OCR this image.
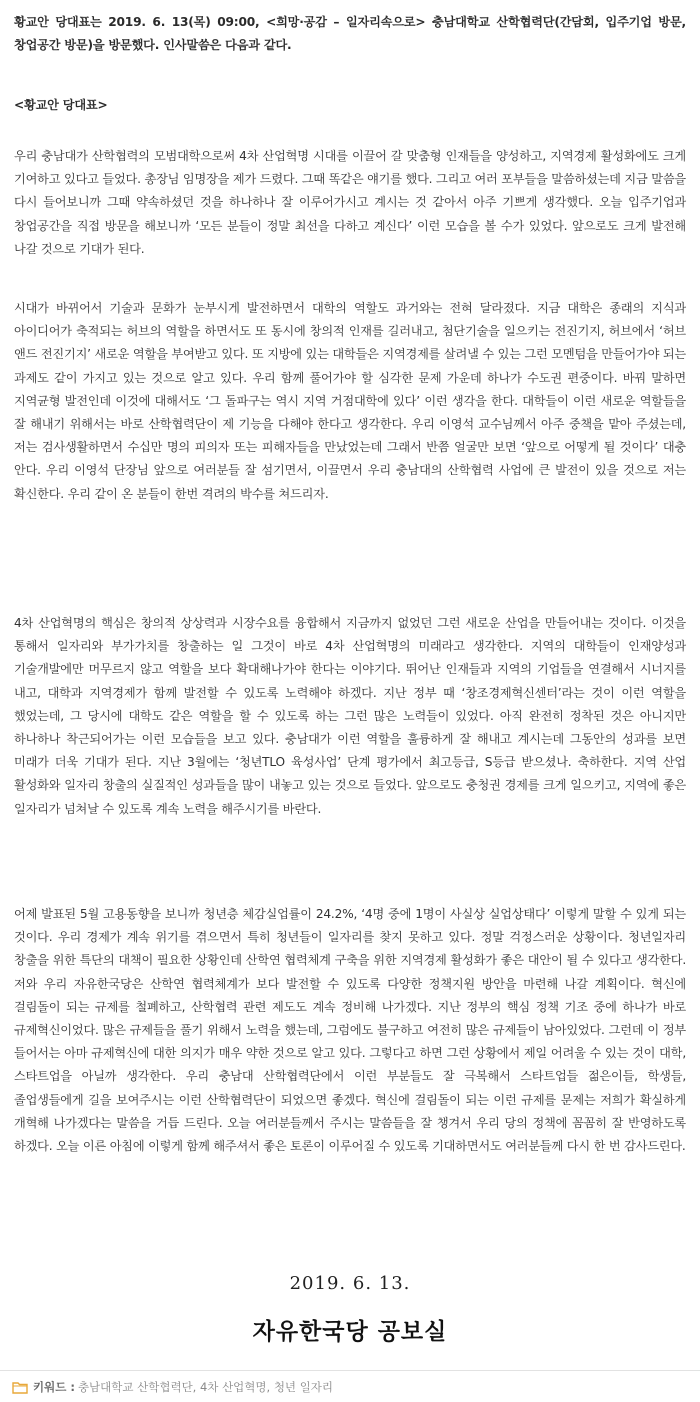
황교안 당대표는 2019. 6. 13(목) 09:00, <희망·공감 – 일자리속으로> 충남대학교 산학협력단(간담회, 입주기업 방문, 창업공간 방문)을 방문했다. 인사말씀은 다음과 같다.

<황교안 당대표>

우리 충남대가 산학협력의 모범대학으로써 4차 산업혁명 시대를 이끌어 갈 맞춤형 인재들을 양성하고, 지역경제 활성화에도 크게 기여하고 있다고 들었다. 총장님 임명장을 제가 드렸다. 그때 똑같은 얘기를 했다. 그리고 여러 포부들을 말씀하셨는데 지금 말씀을 다시 들어보니까 그때 약속하셨던 것을 하나하나 잘 이루어가시고 계시는 것 같아서 아주 기쁘게 생각했다. 오늘 입주기업과 창업공간을 직접 방문을 해보니까 ‘모든 분들이 정말 최선을 다하고 계신다’ 이런 모습을 볼 수가 있었다. 앞으로도 크게 발전해 나갈 것으로 기대가 된다.

시대가 바뀌어서 기술과 문화가 눈부시게 발전하면서 대학의 역할도 과거와는 전혀 달라졌다. 지금 대학은 종래의 지식과 아이디어가 축적되는 허브의 역할을 하면서도 또 동시에 창의적 인재를 길러내고, 첨단기술을 일으키는 전진기지, 허브에서 ‘허브 앤드 전진기지’ 새로운 역할을 부여받고 있다. 또 지방에 있는 대학들은 지역경제를 살려낼 수 있는 그런 모멘텀을 만들어가야 되는 과제도 같이 가지고 있는 것으로 알고 있다. 우리 함께 풀어가야 할 심각한 문제 가운데 하나가 수도권 편중이다. 바꿔 말하면 지역균형 발전인데 이것에 대해서도 ‘그 돌파구는 역시 지역 거점대학에 있다’ 이런 생각을 한다. 대학들이 이런 새로운 역할들을 잘 해내기 위해서는 바로 산학협력단이 제 기능을 다해야 한다고 생각한다. 우리 이영석 교수님께서 아주 중책을 맡아 주셨는데, 저는 검사생활하면서 수십만 명의 피의자 또는 피해자들을 만났었는데 그래서 반쯤 얼굴만 보면 ‘앞으로 어떻게 될 것이다’ 대충 안다. 우리 이영석 단장님 앞으로 여러분들 잘 섬기면서, 이끌면서 우리 충남대의 산학협력 사업에 큰 발전이 있을 것으로 저는 확신한다. 우리 같이 온 분들이 한번 격려의 박수를 쳐드리자.

4차 산업혁명의 핵심은 창의적 상상력과 시장수요를 융합해서 지금까지 없었던 그런 새로운 산업을 만들어내는 것이다. 이것을 통해서 일자리와 부가가치를 창출하는 일 그것이 바로 4차 산업혁명의 미래라고 생각한다. 지역의 대학들이 인재양성과 기술개발에만 머무르지 않고 역할을 보다 확대해나가야 한다는 이야기다. 뛰어난 인재들과 지역의 기업들을 연결해서 시너지를 내고, 대학과 지역경제가 함께 발전할 수 있도록 노력해야 하겠다. 지난 정부 때 ‘창조경제혁신센터’라는 것이 이런 역할을 했었는데, 그 당시에 대학도 같은 역할을 할 수 있도록 하는 그런 많은 노력들이 있었다. 아직 완전히 정착된 것은 아니지만 하나하나 착근되어가는 이런 모습들을 보고 있다. 충남대가 이런 역할을 훌륭하게 잘 해내고 계시는데 그동안의 성과를 보면 미래가 더욱 기대가 된다. 지난 3월에는 ‘청년TLO 육성사업’ 단계 평가에서 최고등급, S등급 받으셨나. 축하한다. 지역 산업 활성화와 일자리 창출의 실질적인 성과들을 많이 내놓고 있는 것으로 들었다. 앞으로도 충청권 경제를 크게 일으키고, 지역에 좋은 일자리가 넘쳐날 수 있도록 계속 노력을 해주시기를 바란다.

어제 발표된 5월 고용동향을 보니까 청년층 체감실업률이 24.2%, ‘4명 중에 1명이 사실상 실업상태다’ 이렇게 말할 수 있게 되는 것이다. 우리 경제가 계속 위기를 겪으면서 특히 청년들이 일자리를 찾지 못하고 있다. 정말 걱정스러운 상황이다. 청년일자리 창출을 위한 특단의 대책이 필요한 상황인데 산학연 협력체계 구축을 위한 지역경제 활성화가 좋은 대안이 될 수 있다고 생각한다. 저와 우리 자유한국당은 산학연 협력체계가 보다 발전할 수 있도록 다양한 정책지원 방안을 마련해 나갈 계획이다. 혁신에 걸림돌이 되는 규제를 철폐하고, 산학협력 관련 제도도 계속 정비해 나가겠다. 지난 정부의 핵심 정책 기조 중에 하나가 바로 규제혁신이었다. 많은 규제들을 풀기 위해서 노력을 했는데, 그럼에도 불구하고 여전히 많은 규제들이 남아있었다. 그런데 이 정부 들어서는 아마 규제혁신에 대한 의지가 매우 약한 것으로 알고 있다. 그렇다고 하면 그런 상황에서 제일 어려울 수 있는 것이 대학, 스타트업을 아닐까 생각한다. 우리 충남대 산학협력단에서 이런 부분들도 잘 극복해서 스타트업들 젊은이들, 학생들, 졸업생들에게 길을 보여주시는 이런 산학협력단이 되었으면 좋겠다. 혁신에 걸림돌이 되는 이런 규제를 문제는 저희가 확실하게 개혁해 나가겠다는 말씀을 거듭 드린다. 오늘 여러분들께서 주시는 말씀들을 잘 챙겨서 우리 당의 정책에 꼼꼼히 잘 반영하도록 하겠다. 오늘 이른 아침에 이렇게 함께 해주셔서 좋은 토론이 이루어질 수 있도록 기대하면서도 여러분들께 다시 한 번 감사드린다.

2019. 6. 13.

자유한국당 공보실

키워드 : 충남대학교 산학협력단, 4차 산업혁명, 청년 일자리
